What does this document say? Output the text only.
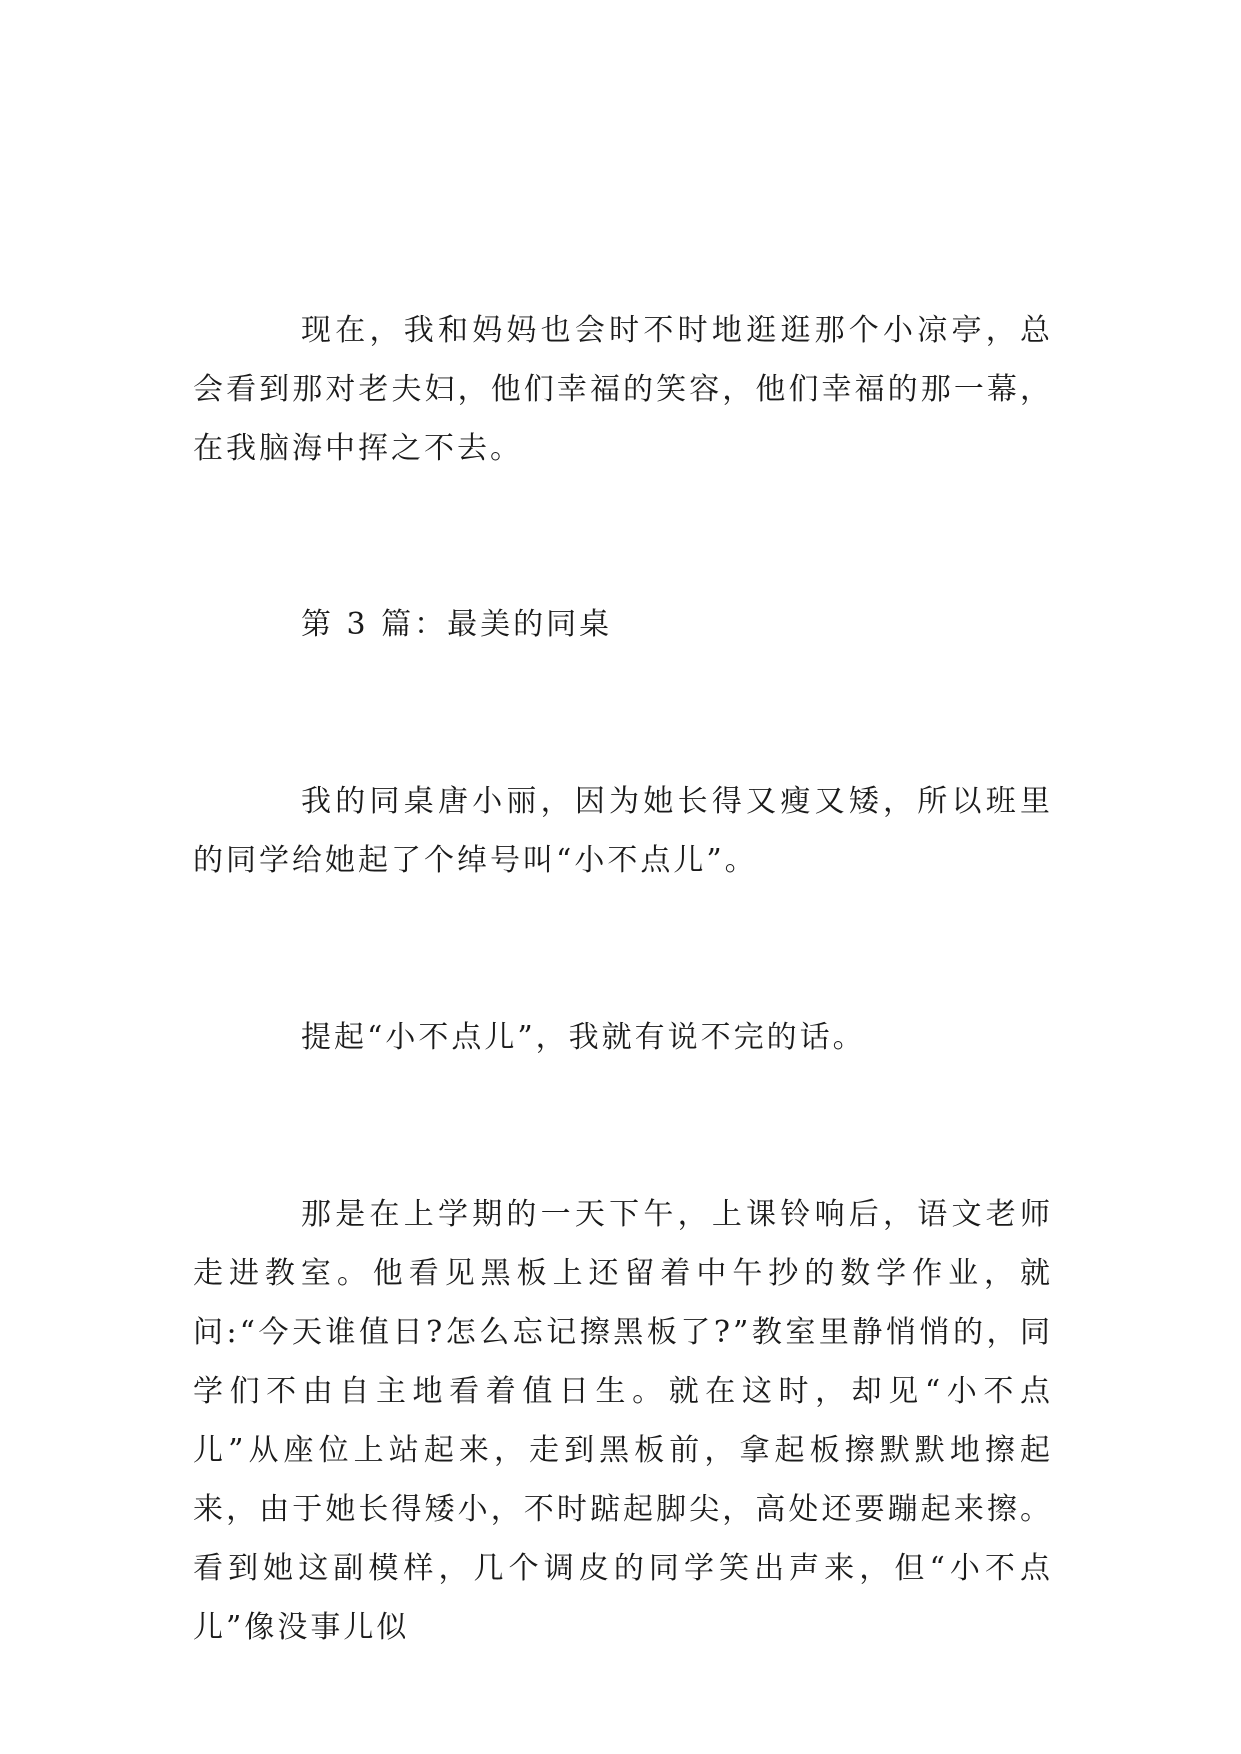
现在，我和妈妈也会时不时地逛逛那个小凉亭，总会看到那对老夫妇，他们幸福的笑容，他们幸福的那一幕，在我脑海中挥之不去。

第 3 篇：最美的同桌

我的同桌唐小丽，因为她长得又瘦又矮，所以班里的同学给她起了个绰号叫“小不点儿”。

提起“小不点儿”，我就有说不完的话。

那是在上学期的一天下午，上课铃响后，语文老师走进教室。他看见黑板上还留着中午抄的数学作业，就问:“今天谁值日?怎么忘记擦黑板了?”教室里静悄悄的，同学们不由自主地看着值日生。就在这时，却见“小不点儿”从座位上站起来，走到黑板前，拿起板擦默默地擦起来，由于她长得矮小，不时踮起脚尖，高处还要蹦起来擦。看到她这副模样，几个调皮的同学笑出声来，但“小不点儿”像没事儿似
